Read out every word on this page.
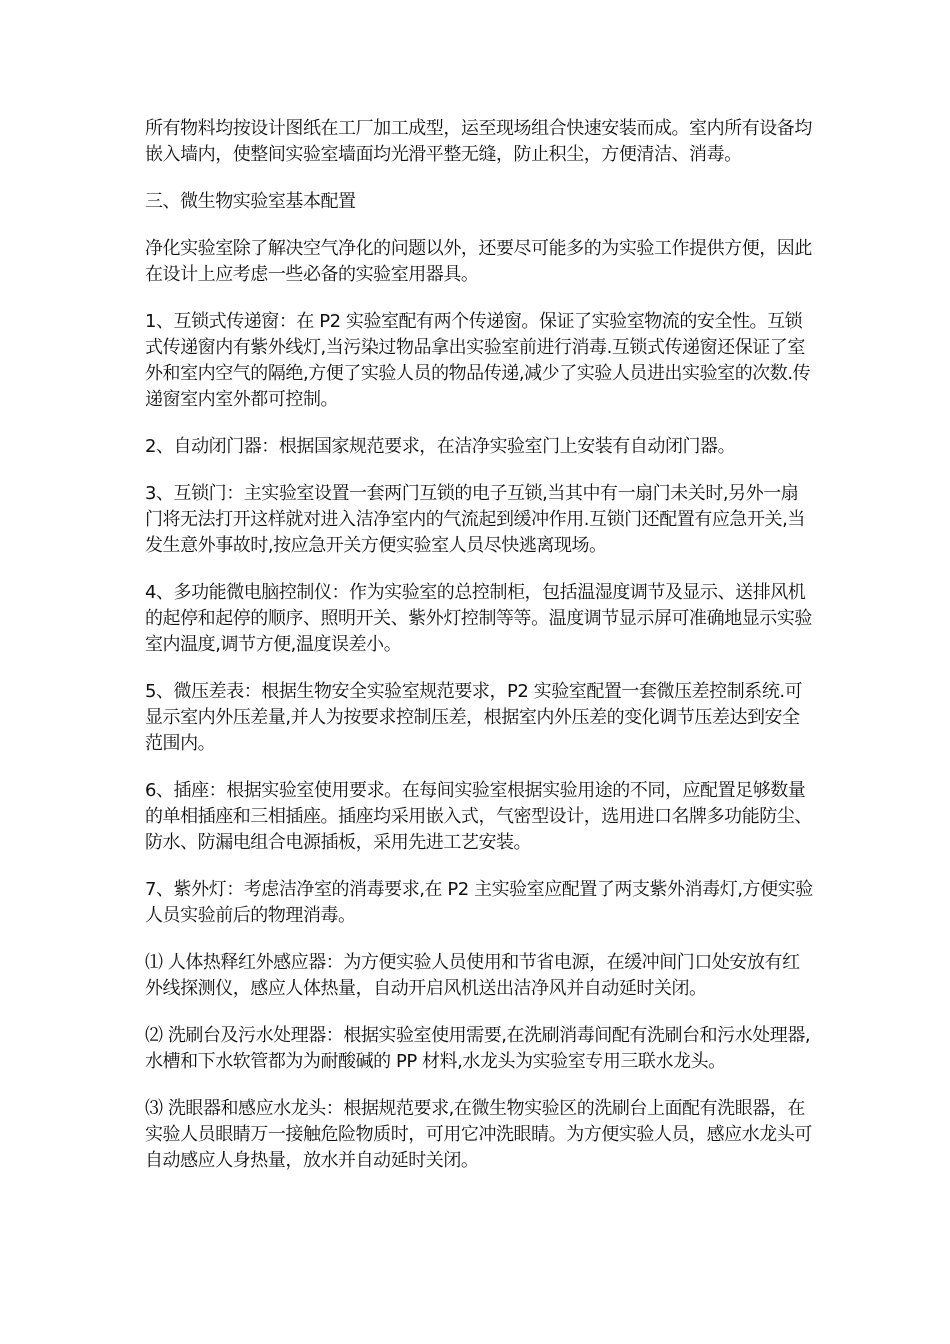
所有物料均按设计图纸在工厂加工成型，运至现场组合快速安装而成。室内所有设备均嵌入墙内，使整间实验室墙面均光滑平整无缝，防止积尘，方便清洁、消毒。

三、微生物实验室基本配置

净化实验室除了解决空气净化的问题以外，还要尽可能多的为实验工作提供方便，因此在设计上应考虑一些必备的实验室用器具。

1、互锁式传递窗：在 P2 实验室配有两个传递窗。保证了实验室物流的安全性。互锁式传递窗内有紫外线灯,当污染过物品拿出实验室前进行消毒.互锁式传递窗还保证了室外和室内空气的隔绝,方便了实验人员的物品传递,减少了实验人员进出实验室的次数.传递窗室内室外都可控制。

2、自动闭门器：根据国家规范要求，在洁净实验室门上安装有自动闭门器。

3、互锁门：主实验室设置一套两门互锁的电子互锁,当其中有一扇门未关时,另外一扇门将无法打开这样就对进入洁净室内的气流起到缓冲作用.互锁门还配置有应急开关,当发生意外事故时,按应急开关方便实验室人员尽快逃离现场。

4、多功能微电脑控制仪：作为实验室的总控制柜，包括温湿度调节及显示、送排风机的起停和起停的顺序、照明开关、紫外灯控制等等。温度调节显示屏可准确地显示实验室内温度,调节方便,温度误差小。

5、微压差表：根据生物安全实验室规范要求，P2 实验室配置一套微压差控制系统.可显示室内外压差量,并人为按要求控制压差，根据室内外压差的变化调节压差达到安全范围内。

6、插座：根据实验室使用要求。在每间实验室根据实验用途的不同，应配置足够数量的单相插座和三相插座。插座均采用嵌入式，气密型设计，选用进口名牌多功能防尘、防水、防漏电组合电源插板，采用先进工艺安装。

7、紫外灯：考虑洁净室的消毒要求,在 P2 主实验室应配置了两支紫外消毒灯,方便实验人员实验前后的物理消毒。

⑴ 人体热释红外感应器：为方便实验人员使用和节省电源，在缓冲间门口处安放有红外线探测仪，感应人体热量，自动开启风机送出洁净风并自动延时关闭。

⑵ 洗刷台及污水处理器：根据实验室使用需要,在洗刷消毒间配有洗刷台和污水处理器,水槽和下水软管都为为耐酸碱的 PP 材料,水龙头为实验室专用三联水龙头。

⑶ 洗眼器和感应水龙头：根据规范要求,在微生物实验区的洗刷台上面配有洗眼器，在实验人员眼睛万一接触危险物质时，可用它冲洗眼睛。为方便实验人员，感应水龙头可自动感应人身热量，放水并自动延时关闭。
